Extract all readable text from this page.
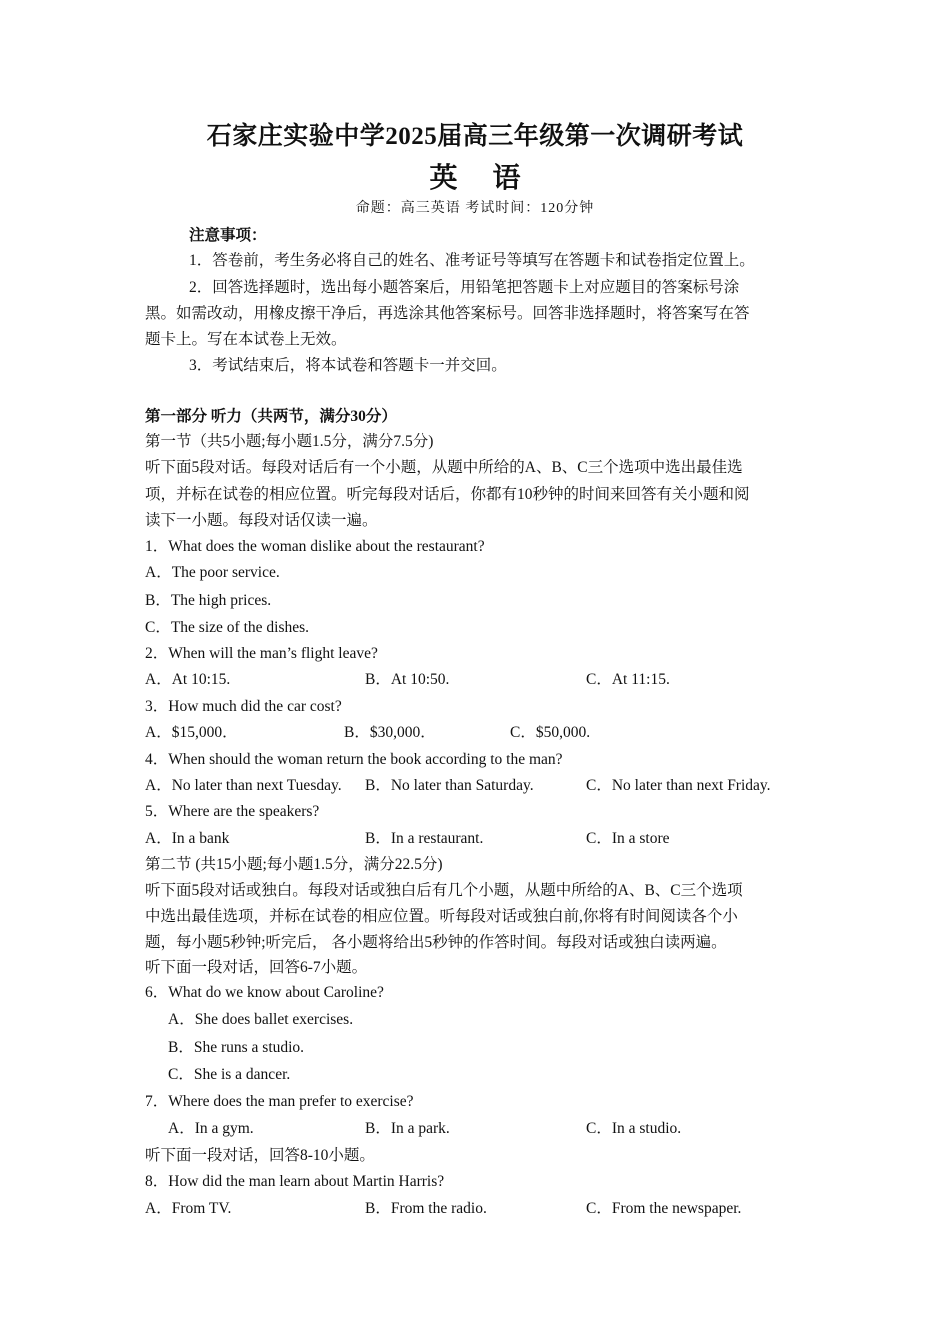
石家庄实验中学2025届高三年级第一次调研考试
英 语
命题：高三英语 考试时间：120分钟
注意事项：
1．答卷前，考生务必将自己的姓名、准考证号等填写在答题卡和试卷指定位置上。
2．回答选择题时，选出每小题答案后，用铅笔把答题卡上对应题目的答案标号涂
黑。如需改动，用橡皮擦干净后，再选涂其他答案标号。回答非选择题时，将答案写在答
题卡上。写在本试卷上无效。
3．考试结束后，将本试卷和答题卡一并交回。
第一部分 听力（共两节，满分30分）
第一节（共5小题;每小题1.5分，满分7.5分)
听下面5段对话。每段对话后有一个小题，从题中所给的A、B、C三个选项中选出最佳选
项，并标在试卷的相应位置。听完每段对话后，你都有10秒钟的时间来回答有关小题和阅
读下一小题。每段对话仅读一遍。
1．What does the woman dislike about the restaurant?
A．The poor service.
B．The high prices.
C．The size of the dishes.
2．When will the man’s flight leave?
A．At 10:15.	B．At 10:50.	C．At 11:15.
3．How much did the car cost?
A．$15,000．	B．$30,000．	C．$50,000.
4．When should the woman return the book according to the man?
A．No later than next Tuesday. B．No later than Saturday.	C．No later than next Friday.
5．Where are the speakers?
A．In a bank	B．In a restaurant.	C．In a store
第二节 (共15小题;每小题1.5分，满分22.5分)
听下面5段对话或独白。每段对话或独白后有几个小题，从题中所给的A、B、C三个选项
中选出最佳选项，并标在试卷的相应位置。听每段对话或独白前,你将有时间阅读各个小
题，每小题5秒钟;听完后， 各小题将给出5秒钟的作答时间。每段对话或独白读两遍。
听下面一段对话，回答6-7小题。
6．What do we know about Caroline?
A．She does ballet exercises.
B．She runs a studio.
C．She is a dancer.
7．Where does the man prefer to exercise?
A．In a gym.	B．In a park.	C．In a studio.
听下面一段对话，回答8-10小题。
8．How did the man learn about Martin Harris?
A．From TV.	B．From the radio.	C．From the newspaper.
